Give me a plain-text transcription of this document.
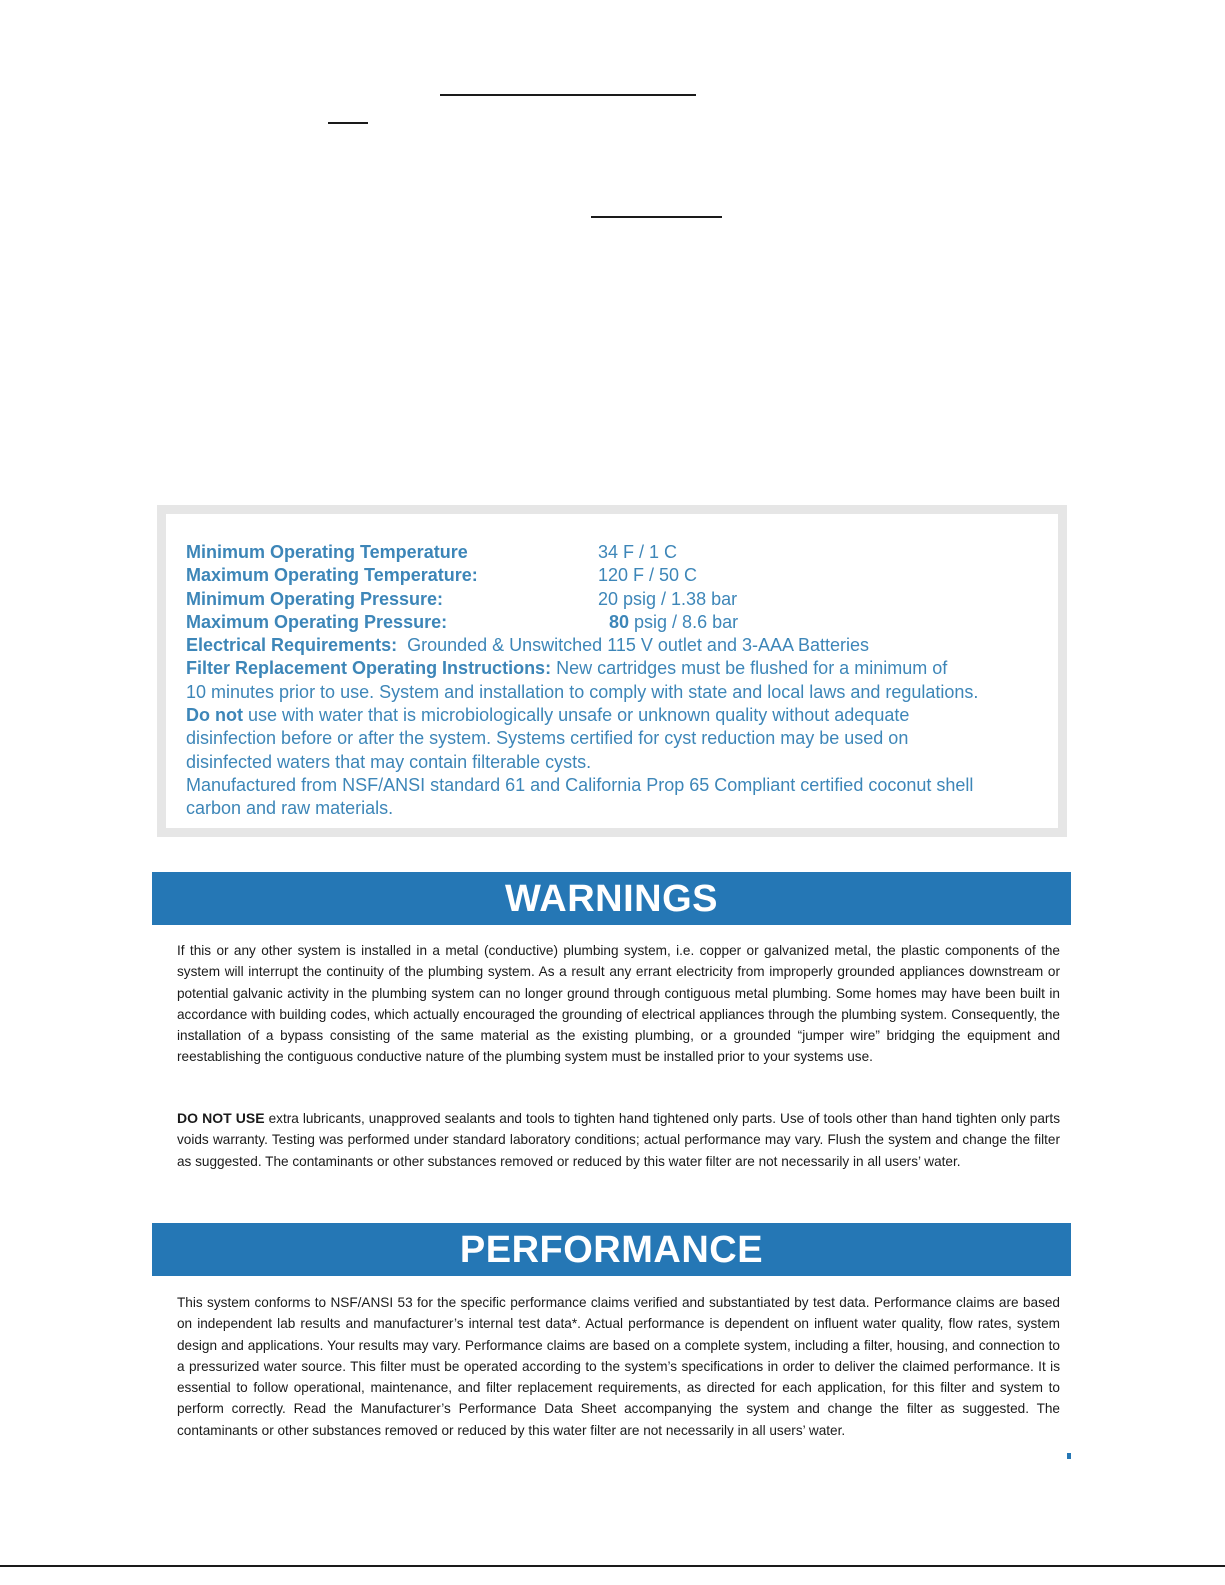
Minimum Operating Temperature	34 F / 1 C
Maximum Operating Temperature:	120 F / 50 C
Minimum Operating Pressure:	20 psig / 1.38 bar
Maximum Operating Pressure:	80 psig / 8.6 bar
Electrical Requirements:  Grounded & Unswitched 115 V outlet and 3-AAA Batteries
Filter Replacement Operating Instructions: New cartridges must be flushed for a minimum of
10 minutes prior to use. System and installation to comply with state and local laws and regulations.
Do not use with water that is microbiologically unsafe or unknown quality without adequate
disinfection before or after the system. Systems certified for cyst reduction may be used on
disinfected waters that may contain filterable cysts.
Manufactured from NSF/ANSI standard 61 and California Prop 65 Compliant certified coconut shell
carbon and raw materials.
WARNINGS

If this or any other system is installed in a metal (conductive) plumbing system, i.e. copper or galvanized metal, the plastic components of the system will interrupt the continuity of the plumbing system. As a result any errant electricity from improperly grounded appliances downstream or potential galvanic activity in the plumbing system can no longer ground through contiguous metal plumbing. Some homes may have been built in accordance with building codes, which actually encouraged the grounding of electrical appliances through the plumbing system. Consequently, the installation of a bypass consisting of the same material as the existing plumbing, or a grounded “jumper wire” bridging the equipment and reestablishing the contiguous conductive nature of the plumbing system must be installed prior to your systems use.

DO NOT USE extra lubricants, unapproved sealants and tools to tighten hand tightened only parts. Use of tools other than hand tighten only parts voids warranty. Testing was performed under standard laboratory conditions; actual performance may vary. Flush the system and change the filter as suggested. The contaminants or other substances removed or reduced by this water filter are not necessarily in all users’ water.

PERFORMANCE

This system conforms to NSF/ANSI 53 for the specific performance claims verified and substantiated by test data. Performance claims are based on independent lab results and manufacturer’s internal test data*. Actual performance is dependent on influent water quality, flow rates, system design and applications. Your results may vary. Performance claims are based on a complete system, including a filter, housing, and connection to a pressurized water source. This filter must be operated according to the system’s specifications in order to deliver the claimed performance. It is essential to follow operational, maintenance, and filter replacement requirements, as directed for each application, for this filter and system to perform correctly. Read the Manufacturer’s Performance Data Sheet accompanying the system and change the filter as suggested. The contaminants or other substances removed or reduced by this water filter are not necessarily in all users’ water.
